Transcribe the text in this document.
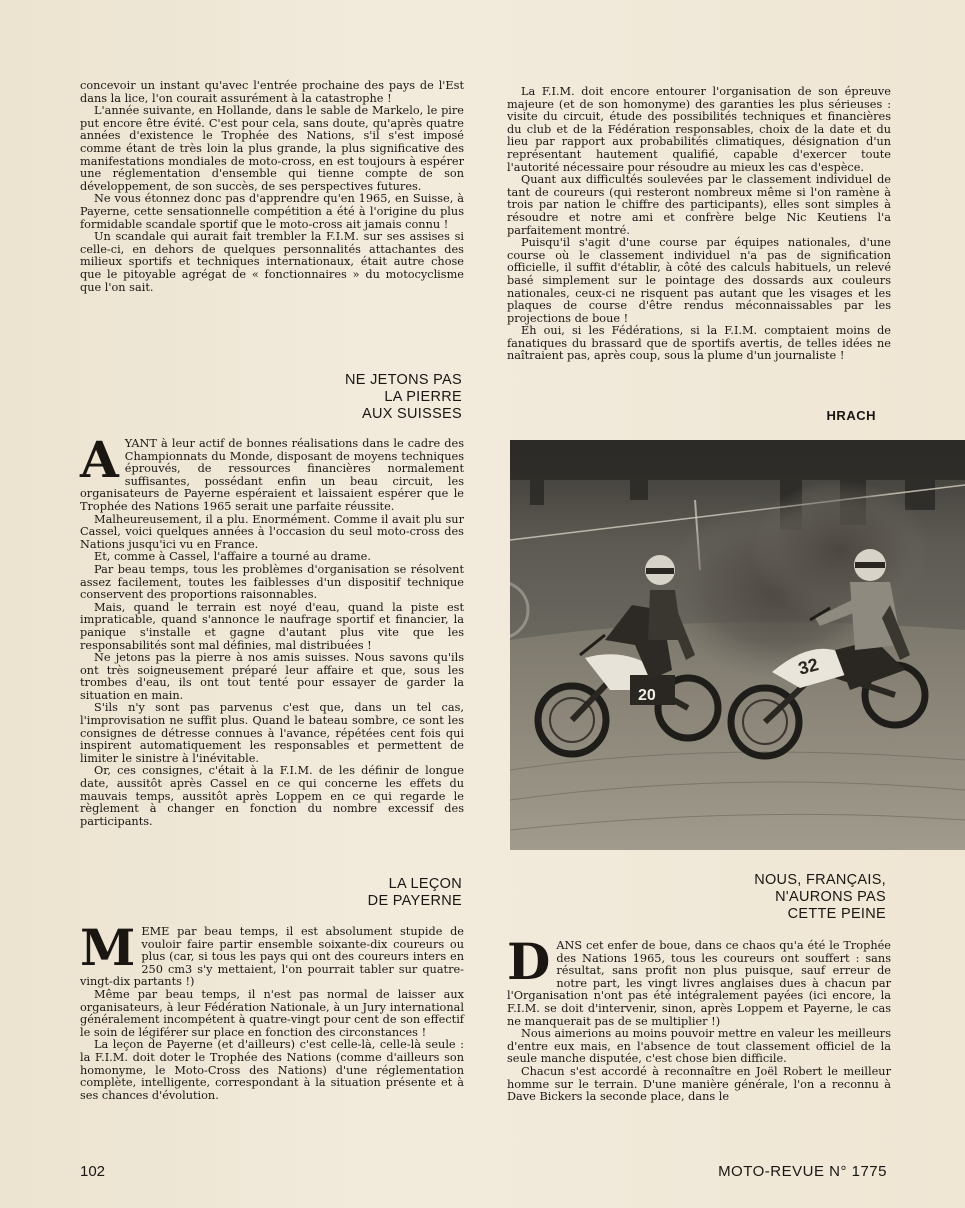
concevoir un instant qu'avec l'entrée prochaine des pays de l'Est dans la lice, l'on courait assurément à la catastrophe !

L'année suivante, en Hollande, dans le sable de Markelo, le pire put encore être évité. C'est pour cela, sans doute, qu'après quatre années d'existence le Trophée des Nations, s'il s'est imposé comme étant de très loin la plus grande, la plus significative des manifestations mondiales de moto-cross, en est toujours à espérer une réglementation d'ensemble qui tienne compte de son développement, de son succès, de ses perspectives futures.

Ne vous étonnez donc pas d'apprendre qu'en 1965, en Suisse, à Payerne, cette sensationnelle compétition a été à l'origine du plus formidable scandale sportif que le moto-cross ait jamais connu !

Un scandale qui aurait fait trembler la F.I.M. sur ses assises si celle-ci, en dehors de quelques personnalités attachantes des milieux sportifs et techniques internationaux, était autre chose que le pitoyable agrégat de « fonctionnaires » du motocyclisme que l'on sait.

NE JETONS PAS
LA PIERRE
AUX SUISSES
A YANT à leur actif de bonnes réalisations dans le cadre des Championnats du Monde, disposant de moyens techniques éprouvés, de ressources financières normalement suffisantes, possédant enfin un beau circuit, les organisateurs de Payerne espéraient et laissaient espérer que le Trophée des Nations 1965 serait une parfaite réussite.

Malheureusement, il a plu. Enormément. Comme il avait plu sur Cassel, voici quelques années à l'occasion du seul moto-cross des Nations jusqu'ici vu en France.

Et, comme à Cassel, l'affaire a tourné au drame.

Par beau temps, tous les problèmes d'organisation se résolvent assez facilement, toutes les faiblesses d'un dispositif technique conservent des proportions raisonnables.

Mais, quand le terrain est noyé d'eau, quand la piste est impraticable, quand s'annonce le naufrage sportif et financier, la panique s'installe et gagne d'autant plus vite que les responsabilités sont mal définies, mal distribuées !

Ne jetons pas la pierre à nos amis suisses. Nous savons qu'ils ont très soigneusement préparé leur affaire et que, sous les trombes d'eau, ils ont tout tenté pour essayer de garder la situation en main.

S'ils n'y sont pas parvenus c'est que, dans un tel cas, l'improvisation ne suffit plus. Quand le bateau sombre, ce sont les consignes de détresse connues à l'avance, répétées cent fois qui inspirent automatiquement les responsables et permettent de limiter le sinistre à l'inévitable.

Or, ces consignes, c'était à la F.I.M. de les définir de longue date, aussitôt après Cassel en ce qui concerne les effets du mauvais temps, aussitôt après Loppem en ce qui regarde le règlement à changer en fonction du nombre excessif des participants.

LA LEÇON
DE PAYERNE
M EME par beau temps, il est absolument stupide de vouloir faire partir ensemble soixante-dix coureurs ou plus (car, si tous les pays qui ont des coureurs inters en 250 cm3 s'y mettaient, l'on pourrait tabler sur quatre-vingt-dix partants !)

Même par beau temps, il n'est pas normal de laisser aux organisateurs, à leur Fédération Nationale, à un Jury international généralement incompétent à quatre-vingt pour cent de son effectif le soin de légiférer sur place en fonction des circonstances !

La leçon de Payerne (et d'ailleurs) c'est celle-là, celle-là seule : la F.I.M. doit doter le Trophée des Nations (comme d'ailleurs son homonyme, le Moto-Cross des Nations) d'une réglementation complète, intelligente, correspondant à la situation présente et à ses chances d'évolution.

La F.I.M. doit encore entourer l'organisation de son épreuve majeure (et de son homonyme) des garanties les plus sérieuses : visite du circuit, étude des possibilités techniques et financières du club et de la Fédération responsables, choix de la date et du lieu par rapport aux probabilités climatiques, désignation d'un représentant hautement qualifié, capable d'exercer toute l'autorité nécessaire pour résoudre au mieux les cas d'espèce.

Quant aux difficultés soulevées par le classement individuel de tant de coureurs (qui resteront nombreux même si l'on ramène à trois par nation le chiffre des participants), elles sont simples à résoudre et notre ami et confrère belge Nic Keutiens l'a parfaitement montré.

Puisqu'il s'agit d'une course par équipes nationales, d'une course où le classement individuel n'a pas de signification officielle, il suffit d'établir, à côté des calculs habituels, un relevé basé simplement sur le pointage des dossards aux couleurs nationales, ceux-ci ne risquent pas autant que les visages et les plaques de course d'être rendus méconnaissables par les projections de boue !

Eh oui, si les Fédérations, si la F.I.M. comptaient moins de fanatiques du brassard que de sportifs avertis, de telles idées ne naîtraient pas, après coup, sous la plume d'un journaliste !

HRACH
20
32
NOUS, FRANÇAIS,
N'AURONS PAS
CETTE PEINE
D ANS cet enfer de boue, dans ce chaos qu'a été le Trophée des Nations 1965, tous les coureurs ont souffert : sans résultat, sans profit non plus puisque, sauf erreur de notre part, les vingt livres anglaises dues à chacun par l'Organisation n'ont pas été intégralement payées (ici encore, la F.I.M. se doit d'intervenir, sinon, après Loppem et Payerne, le cas ne manquerait pas de se multiplier !)

Nous aimerions au moins pouvoir mettre en valeur les meilleurs d'entre eux mais, en l'absence de tout classement officiel de la seule manche disputée, c'est chose bien difficile.

Chacun s'est accordé à reconnaître en Joël Robert le meilleur homme sur le terrain. D'une manière générale, l'on a reconnu à Dave Bickers la seconde place, dans le

102	MOTO-REVUE N° 1775
